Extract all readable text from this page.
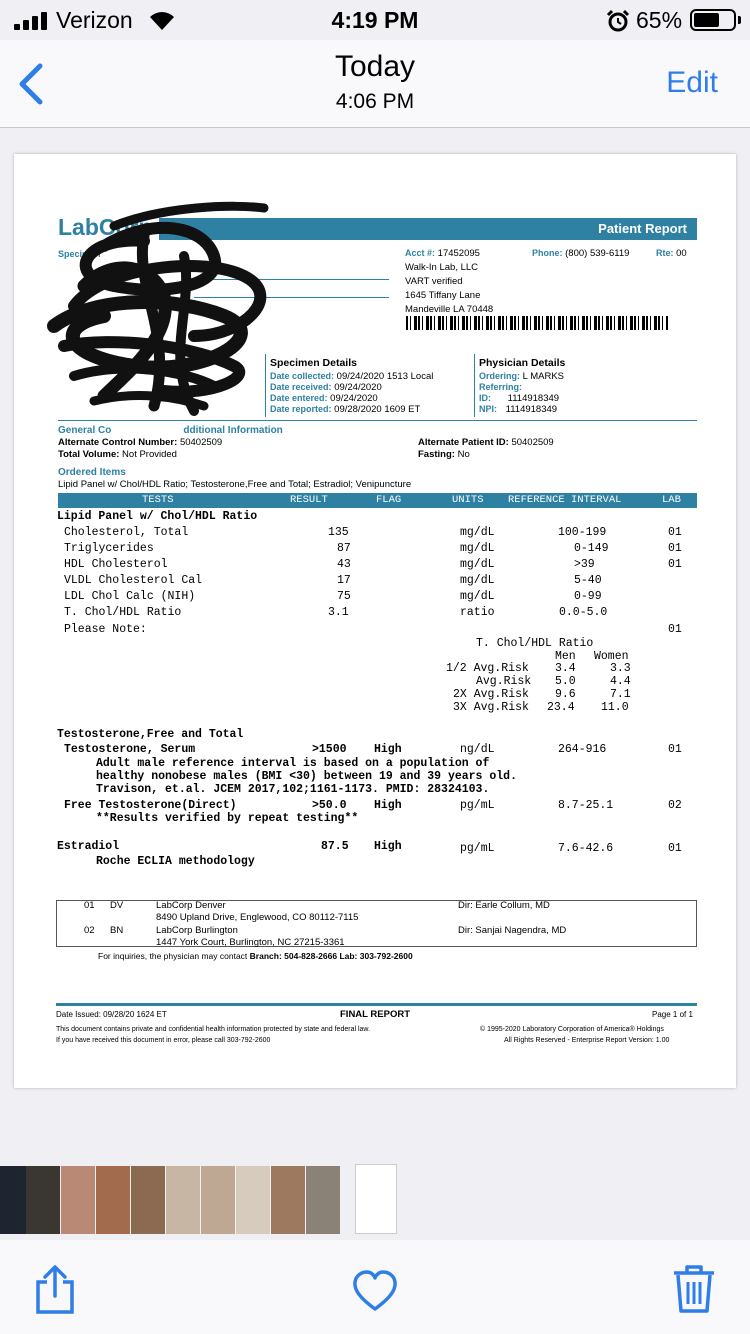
Verizon	4:19 PM	65%
Today
4:06 PM
Edit
Patient Report
LabCorp
Specimen	Acct #: 17452095	Phone: (800) 539-6119	Rte: 00
Walk-In Lab, LLC
VART verified
1645 Tiffany Lane
Mandeville LA 70448
Specimen Details
Date collected: 09/24/2020 1513 Local
Date received: 09/24/2020
Date entered: 09/24/2020
Date reported: 09/28/2020 1609 ET
Physician Details
Ordering: L MARKS
Referring:
ID: 1114918349
NPI: 1114918349
General Co	dditional Information
Alternate Control Number: 50402509
Total Volume: Not Provided
Alternate Patient ID: 50402509
Fasting: No
Ordered Items
Lipid Panel w/ Chol/HDL Ratio; Testosterone,Free and Total; Estradiol; Venipuncture
TESTS	RESULT	FLAG	UNITS REFERENCE INTERVAL	LAB
Lipid Panel w/ Chol/HDL Ratio
Cholesterol, Total	135	mg/dL	100-199	01
Triglycerides	87	mg/dL	0-149	01
HDL Cholesterol	43	mg/dL	>39	01
VLDL Cholesterol Cal	17	mg/dL	5-40
LDL Chol Calc (NIH)	75	mg/dL	0-99
T. Chol/HDL Ratio	3.1	ratio	0.0-5.0
Please Note:	01
T. Chol/HDL Ratio
Men Women
1/2 Avg.Risk 3.4	3.3
Avg.Risk 5.0	4.4
2X Avg.Risk 9.6	7.1
3X Avg.Risk 23.4 11.0
Testosterone,Free and Total
Testosterone, Serum	>1500 High	ng/dL	264-916	01
Adult male reference interval is based on a population of
healthy nonobese males (BMI <30) between 19 and 39 years old.
Travison, et.al. JCEM 2017,102;1161-1173. PMID: 28324103.
Free Testosterone(Direct)	>50.0 High	pg/mL	8.7-25.1	02
**Results verified by repeat testing**
Estradiol	87.5 High	pg/mL	7.6-42.6	01
Roche ECLIA methodology
01 DV	LabCorp Denver
8490 Upland Drive, Englewood, CO 80112-7115
Dir: Earle Collum, MD
02 BN	LabCorp Burlington
1447 York Court, Burlington, NC 27215-3361
Dir: Sanjai Nagendra, MD
For inquiries, the physician may contact Branch: 504-828-2666 Lab: 303-792-2600
Date Issued: 09/28/20 1624 ET	FINAL REPORT	Page 1 of 1
This document contains private and confidential health information protected by state and federal law.
If you have received this document in error, please call 303-792-2600
© 1995-2020 Laboratory Corporation of America® Holdings
All Rights Reserved - Enterprise Report Version: 1.00
